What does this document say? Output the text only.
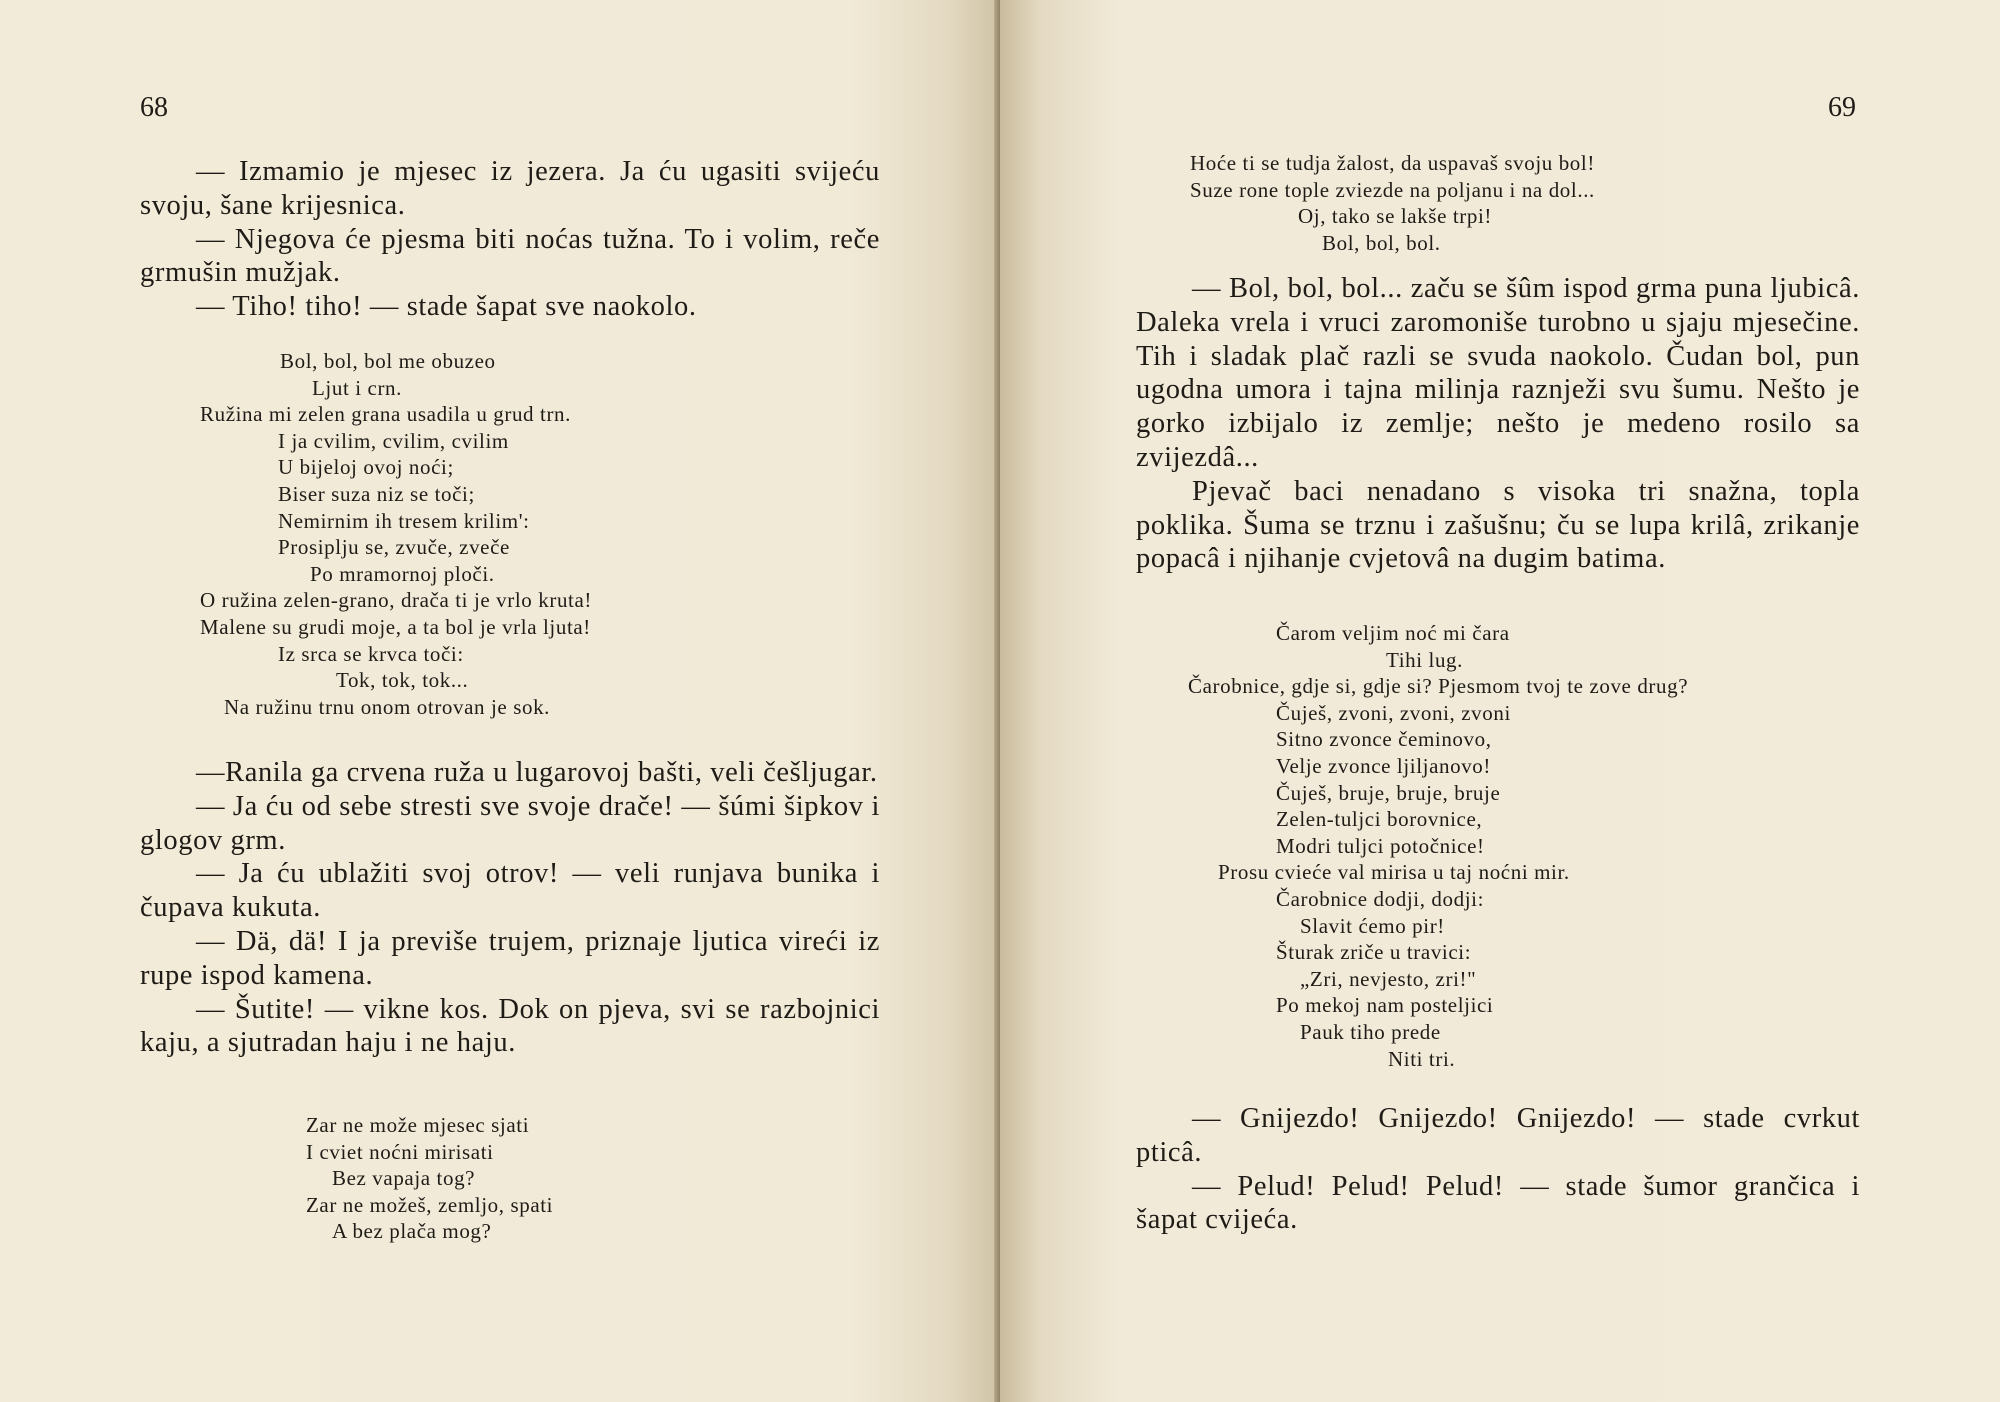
68

— Izmamio je mjesec iz jezera. Ja ću ugasiti svijeću svoju, šane krijesnica.

— Njegova će pjesma biti noćas tužna. To i volim, reče grmušin mužjak.

— Tiho! tiho! — stade šapat sve naokolo.

Bol, bol, bol me obuzeo
Ljut i crn.
Ružina mi zelen grana usadila u grud trn.
I ja cvilim, cvilim, cvilim
U bijeloj ovoj noći;
Biser suza niz se toči;
Nemirnim ih tresem krilim':
Prosiplju se, zvuče, zveče
Po mramornoj ploči.
O ružina zelen-grano, drača ti je vrlo kruta!
Malene su grudi moje, a ta bol je vrla ljuta!
Iz srca se krvca toči:
Tok, tok, tok...
Na ružinu trnu onom otrovan je sok.

—Ranila ga crvena ruža u lugarovoj bašti, veli češljugar.

— Ja ću od sebe stresti sve svoje drače! — šúmi šipkov i glogov grm.

— Ja ću ublažiti svoj otrov! — veli runjava bunika i čupava kukuta.

— Dä, dä! I ja previše trujem, priznaje ljutica vireći iz rupe ispod kamena.

— Šutite! — vikne kos. Dok on pjeva, svi se razbojnici kaju, a sjutradan haju i ne haju.

Zar ne može mjesec sjati
I cviet noćni mirisati
Bez vapaja tog?
Zar ne možeš, zemljo, spati
A bez plača mog?
69
Hoće ti se tudja žalost, da uspavaš svoju bol!
Suze rone tople zviezde na poljanu i na dol...
Oj, tako se lakše trpi!
Bol, bol, bol.

— Bol, bol, bol... začu se šûm ispod grma puna ljubicâ. Daleka vrela i vruci zaromoniše turobno u sjaju mjesečine. Tih i sladak plač razli se svuda naokolo. Čudan bol, pun ugodna umora i tajna milinja raznježi svu šumu. Nešto je gorko izbijalo iz zemlje; nešto je medeno rosilo sa zvijezdâ...

Pjevač baci nenadano s visoka tri snažna, topla poklika. Šuma se trznu i zašušnu; ču se lupa krilâ, zrikanje popacâ i njihanje cvjetovâ na dugim batima.

Čarom veljim noć mi čara
Tihi lug.
Čarobnice, gdje si, gdje si? Pjesmom tvoj te zove drug?
Čuješ, zvoni, zvoni, zvoni
Sitno zvonce čeminovo,
Velje zvonce ljiljanovo!
Čuješ, bruje, bruje, bruje
Zelen-tuljci borovnice,
Modri tuljci potočnice!
Prosu cvieće val mirisa u taj noćni mir.
Čarobnice dodji, dodji:
Slavit ćemo pir!
Šturak zriče u travici:
„Zri, nevjesto, zri!"
Po mekoj nam posteljici
Pauk tiho prede
Niti tri.

— Gnijezdo! Gnijezdo! Gnijezdo! — stade cvrkut pticâ.

— Pelud! Pelud! Pelud! — stade šumor grančica i šapat cvijeća.
